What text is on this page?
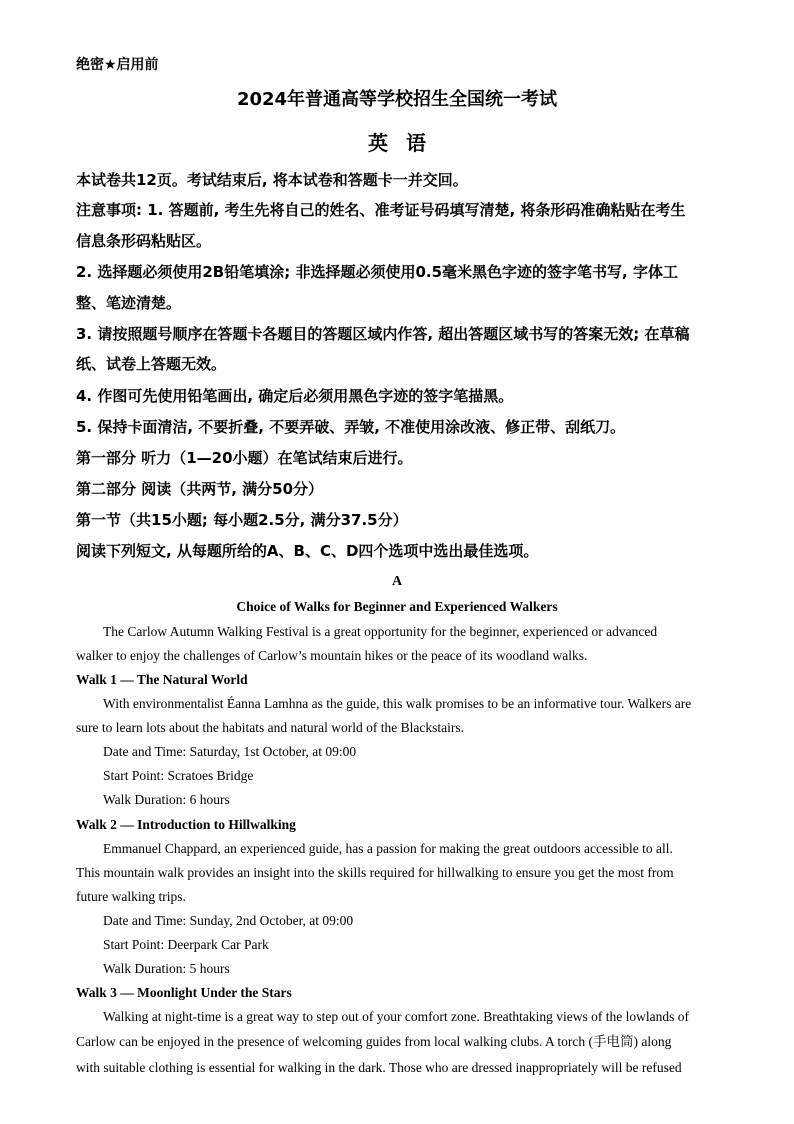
绝密★启用前
2024年普通高等学校招生全国统一考试
英语
本试卷共12页。考试结束后, 将本试卷和答题卡一并交回。
注意事项: 1. 答题前, 考生先将自己的姓名、准考证号码填写清楚, 将条形码准确粘贴在考生
信息条形码粘贴区。
2. 选择题必须使用2B铅笔填涂; 非选择题必须使用0.5毫米黑色字迹的签字笔书写, 字体工
整、笔迹清楚。
3. 请按照题号顺序在答题卡各题目的答题区域内作答, 超出答题区域书写的答案无效; 在草稿
纸、试卷上答题无效。
4. 作图可先使用铅笔画出, 确定后必须用黑色字迹的签字笔描黑。
5. 保持卡面清洁, 不要折叠, 不要弄破、弄皱, 不准使用涂改液、修正带、刮纸刀。
第一部分 听力（1—20小题）在笔试结束后进行。
第二部分 阅读（共两节, 满分50分）
第一节（共15小题; 每小题2.5分, 满分37.5分）
阅读下列短文, 从每题所给的A、B、C、D四个选项中选出最佳选项。
A
Choice of Walks for Beginner and Experienced Walkers
The Carlow Autumn Walking Festival is a great opportunity for the beginner, experienced or advanced
walker to enjoy the challenges of Carlow’s mountain hikes or the peace of its woodland walks.
Walk 1 — The Natural World
With environmentalist Éanna Lamhna as the guide, this walk promises to be an informative tour. Walkers are
sure to learn lots about the habitats and natural world of the Blackstairs.
Date and Time: Saturday, 1st October, at 09:00
Start Point: Scratoes Bridge
Walk Duration: 6 hours
Walk 2 — Introduction to Hillwalking
Emmanuel Chappard, an experienced guide, has a passion for making the great outdoors accessible to all.
This mountain walk provides an insight into the skills required for hillwalking to ensure you get the most from
future walking trips.
Date and Time: Sunday, 2nd October, at 09:00
Start Point: Deerpark Car Park
Walk Duration: 5 hours
Walk 3 — Moonlight Under the Stars
Walking at night-time is a great way to step out of your comfort zone. Breathtaking views of the lowlands of
Carlow can be enjoyed in the presence of welcoming guides from local walking clubs. A torch (手电筒) along
with suitable clothing is essential for walking in the dark. Those who are dressed inappropriately will be refused
